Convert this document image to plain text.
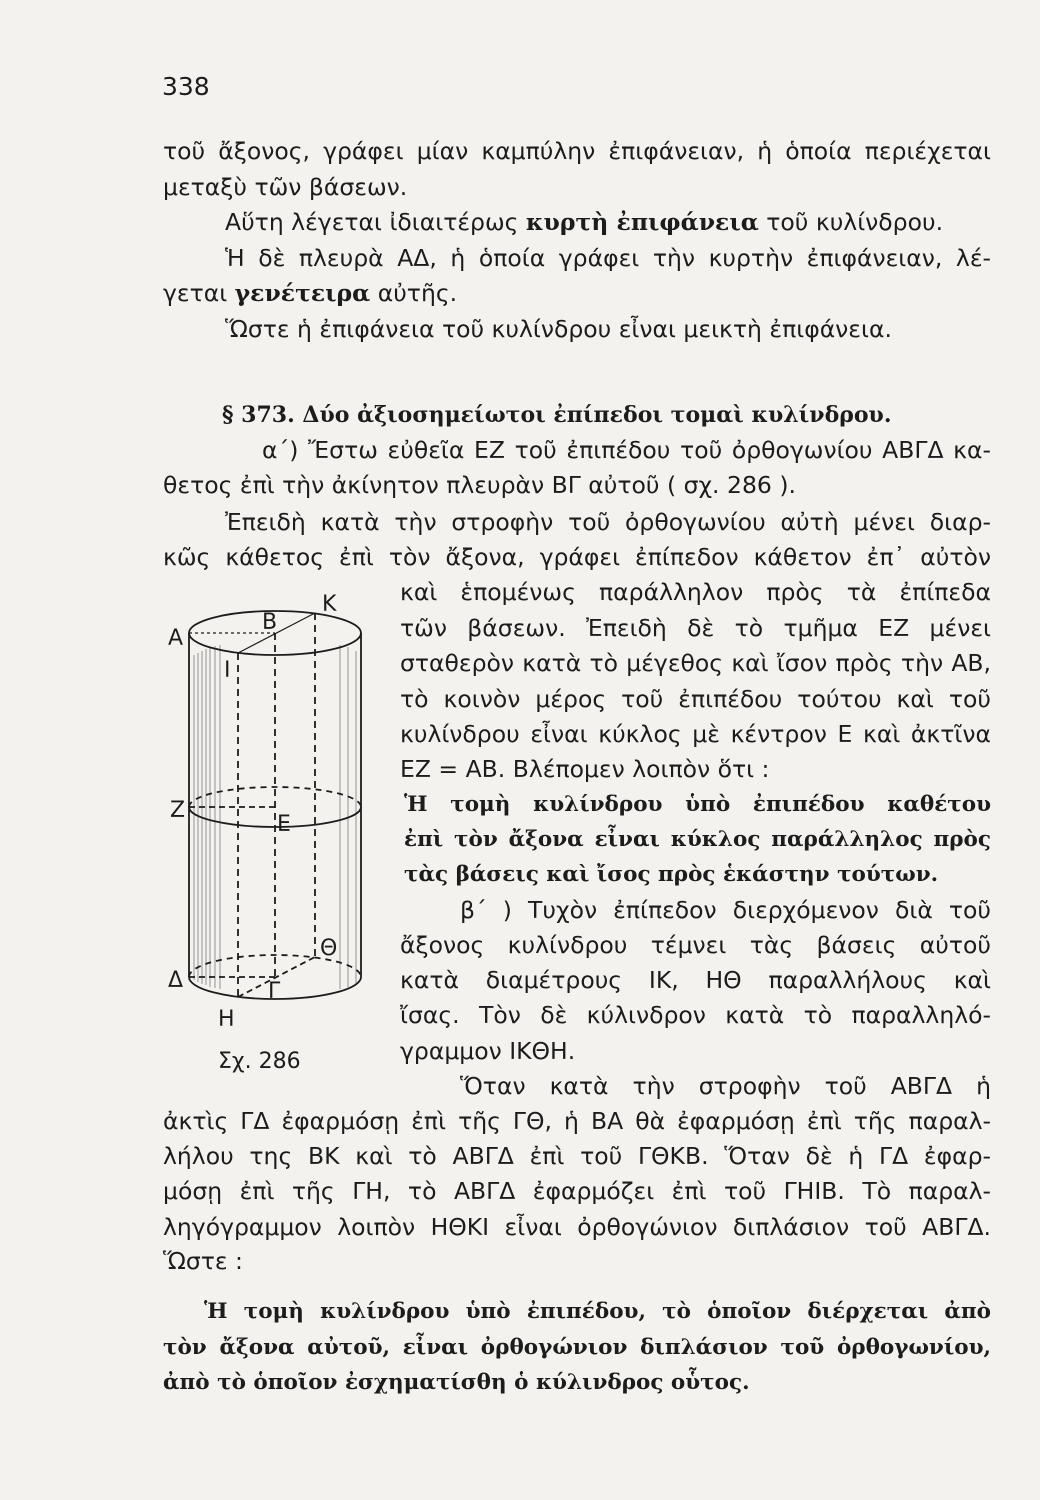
338
τοῦ ἄξονος, γράφει μίαν καμπύλην ἐπιφάνειαν, ἡ ὁποία περιέχεται
μεταξὺ τῶν βάσεων.
Αὕτη λέγεται ἰδιαιτέρως κυρτὴ ἐπιφάνεια τοῦ κυλίνδρου.
Ἡ δὲ πλευρὰ ΑΔ, ἡ ὁποία γράφει τὴν κυρτὴν ἐπιφάνειαν, λέ-
γεται γενέτειρα αὐτῆς.
Ὥστε ἡ ἐπιφάνεια τοῦ κυλίνδρου εἶναι μεικτὴ ἐπιφάνεια.
§ 373. Δύο ἀξιοσημείωτοι ἐπίπεδοι τομαὶ κυλίνδρου.
α΄) Ἔστω εὐθεῖα ΕΖ τοῦ ἐπιπέδου τοῦ ὀρθογωνίου ΑΒΓΔ κα-
θετος ἐπὶ τὴν ἀκίνητον πλευρὰν ΒΓ αὐτοῦ ( σχ. 286 ).
Ἐπειδὴ κατὰ τὴν στροφὴν τοῦ ὀρθογωνίου αὐτὴ μένει διαρ-
κῶς κάθετος ἐπὶ τὸν ἄξονα, γράφει ἐπίπεδον κάθετον ἐπ᾽ αὐτὸν
καὶ ἑπομένως παράλληλον πρὸς τὰ ἐπίπεδα
τῶν βάσεων. Ἐπειδὴ δὲ τὸ τμῆμα ΕΖ μένει
σταθερὸν κατὰ τὸ μέγεθος καὶ ἴσον πρὸς τὴν ΑΒ,
τὸ κοινὸν μέρος τοῦ ἐπιπέδου τούτου καὶ τοῦ
κυλίνδρου εἶναι κύκλος μὲ κέντρον Ε καὶ ἀκτῖνα
ΕΖ = ΑΒ. Βλέπομεν λοιπὸν ὅτι :
Ἡ τομὴ κυλίνδρου ὑπὸ ἐπιπέδου καθέτου
ἐπὶ τὸν ἄξονα εἶναι κύκλος παράλληλος πρὸς
τὰς βάσεις καὶ ἴσος πρὸς ἑκάστην τούτων.
β΄ ) Τυχὸν ἐπίπεδον διερχόμενον διὰ τοῦ
ἄξονος κυλίνδρου τέμνει τὰς βάσεις αὐτοῦ
κατὰ διαμέτρους ΙΚ, ΗΘ παραλλήλους καὶ
ἴσας. Τὸν δὲ κύλινδρον κατὰ τὸ παραλληλό-
γραμμον ΙΚΘΗ.
Ὅταν κατὰ τὴν στροφὴν τοῦ ΑΒΓΔ ἡ
ἀκτὶς ΓΔ ἐφαρμόσῃ ἐπὶ τῆς ΓΘ, ἡ ΒΑ θὰ ἐφαρμόσῃ ἐπὶ τῆς παραλ-
λήλου της ΒΚ καὶ τὸ ΑΒΓΔ ἐπὶ τοῦ ΓΘΚΒ. Ὅταν δὲ ἡ ΓΔ ἐφαρ-
μόσῃ ἐπὶ τῆς ΓΗ, τὸ ΑΒΓΔ ἐφαρμόζει ἐπὶ τοῦ ΓΗΙΒ. Τὸ παραλ-
ληγόγραμμον λοιπὸν ΗΘΚΙ εἶναι ὀρθογώνιον διπλάσιον τοῦ ΑΒΓΔ.
Ὥστε :
Ἡ τομὴ κυλίνδρου ὑπὸ ἐπιπέδου, τὸ ὁποῖον διέρχεται ἀπὸ
τὸν ἄξονα αὐτοῦ, εἶναι ὀρθογώνιον διπλάσιον τοῦ ὀρθογωνίου,
ἀπὸ τὸ ὁποῖον ἐσχηματίσθη ὁ κύλινδρος οὗτος.
Α
Β
Κ
Ι
Ζ
Ε
Θ
Δ	Γ
Η
Σχ. 286
